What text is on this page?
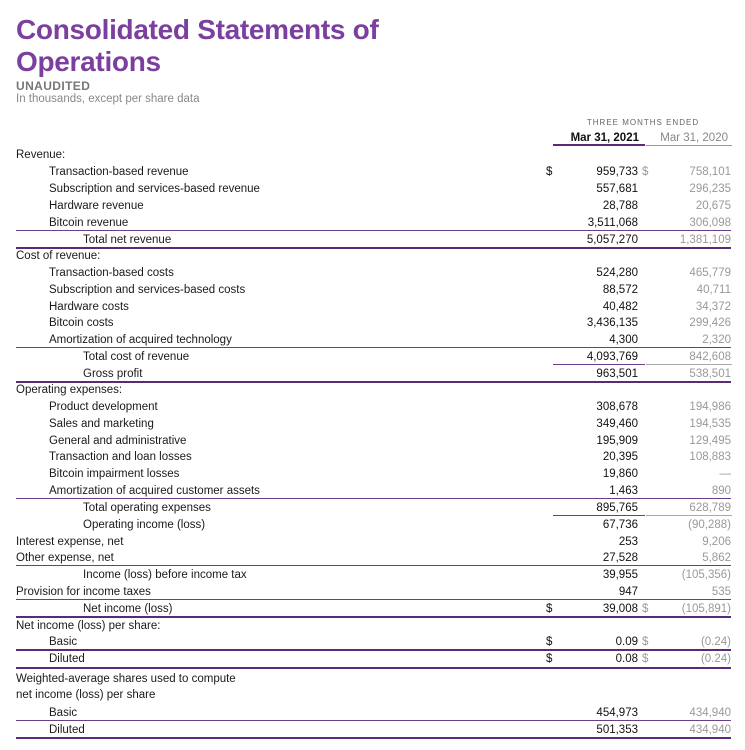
Consolidated Statements of Operations
UNAUDITED
In thousands, except per share data
THREE MONTHS ENDED
Mar 31, 2021	Mar 31, 2020
Revenue:
Transaction-based revenue	$	959,733 $	758,101
Subscription and services-based revenue	557,681	296,235
Hardware revenue	28,788	20,675
Bitcoin revenue	3,511,068	306,098
Total net revenue	5,057,270	1,381,109
Cost of revenue:
Transaction-based costs	524,280	465,779
Subscription and services-based costs	88,572	40,711
Hardware costs	40,482	34,372
Bitcoin costs	3,436,135	299,426
Amortization of acquired technology	4,300	2,320
Total cost of revenue	4,093,769	842,608
Gross profit	963,501	538,501
Operating expenses:
Product development	308,678	194,986
Sales and marketing	349,460	194,535
General and administrative	195,909	129,495
Transaction and loan losses	20,395	108,883
Bitcoin impairment losses	19,860	—
Amortization of acquired customer assets	1,463	890
Total operating expenses	895,765	628,789
Operating income (loss)	67,736	(90,288)
Interest expense, net	253	9,206
Other expense, net	27,528	5,862
Income (loss) before income tax	39,955	(105,356)
Provision for income taxes	947	535
Net income (loss)	$	39,008 $	(105,891)
Net income (loss) per share:
Basic	$	0.09 $	(0.24)
Diluted	$	0.08 $	(0.24)
Weighted-average shares used to compute
net income (loss) per share
Basic	454,973	434,940
Diluted	501,353	434,940
